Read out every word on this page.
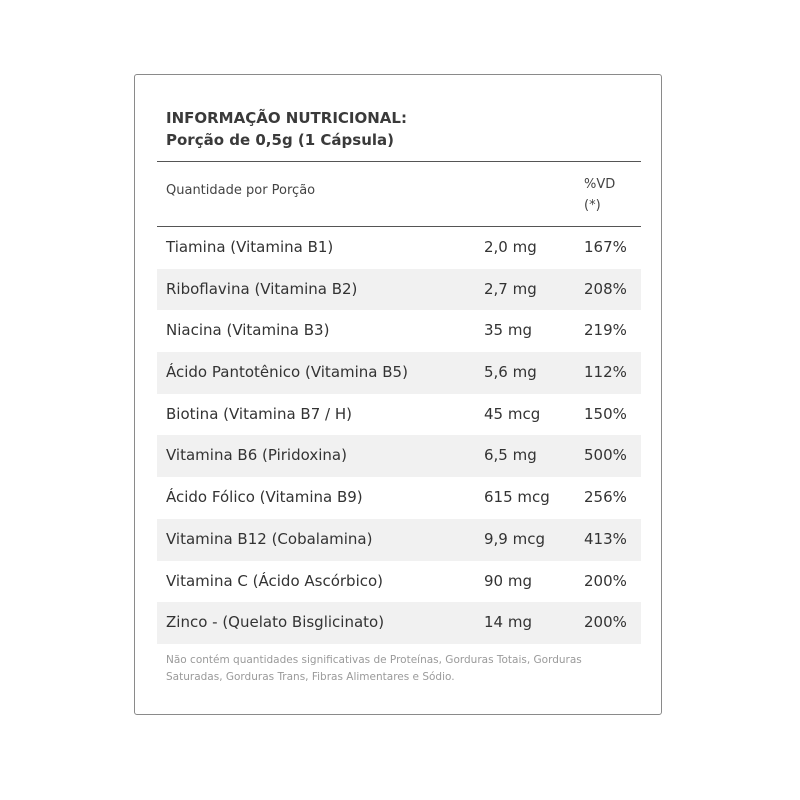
INFORMAÇÃO NUTRICIONAL:
Porção de 0,5g (1 Cápsula)
Quantidade por Porção	%VD
(*)
Tiamina (Vitamina B1)	2,0 mg	167%
Riboflavina (Vitamina B2)	2,7 mg	208%
Niacina (Vitamina B3)	35 mg	219%
Ácido Pantotênico (Vitamina B5)	5,6 mg	112%
Biotina (Vitamina B7 / H)	45 mcg	150%
Vitamina B6 (Piridoxina)	6,5 mg	500%
Ácido Fólico (Vitamina B9)	615 mcg 256%
Vitamina B12 (Cobalamina)	9,9 mcg	413%
Vitamina C (Ácido Ascórbico)	90 mg	200%
Zinco - (Quelato Bisglicinato)	14 mg	200%

Não contém quantidades significativas de Proteínas, Gorduras Totais, Gorduras Saturadas, Gorduras Trans, Fibras Alimentares e Sódio.
